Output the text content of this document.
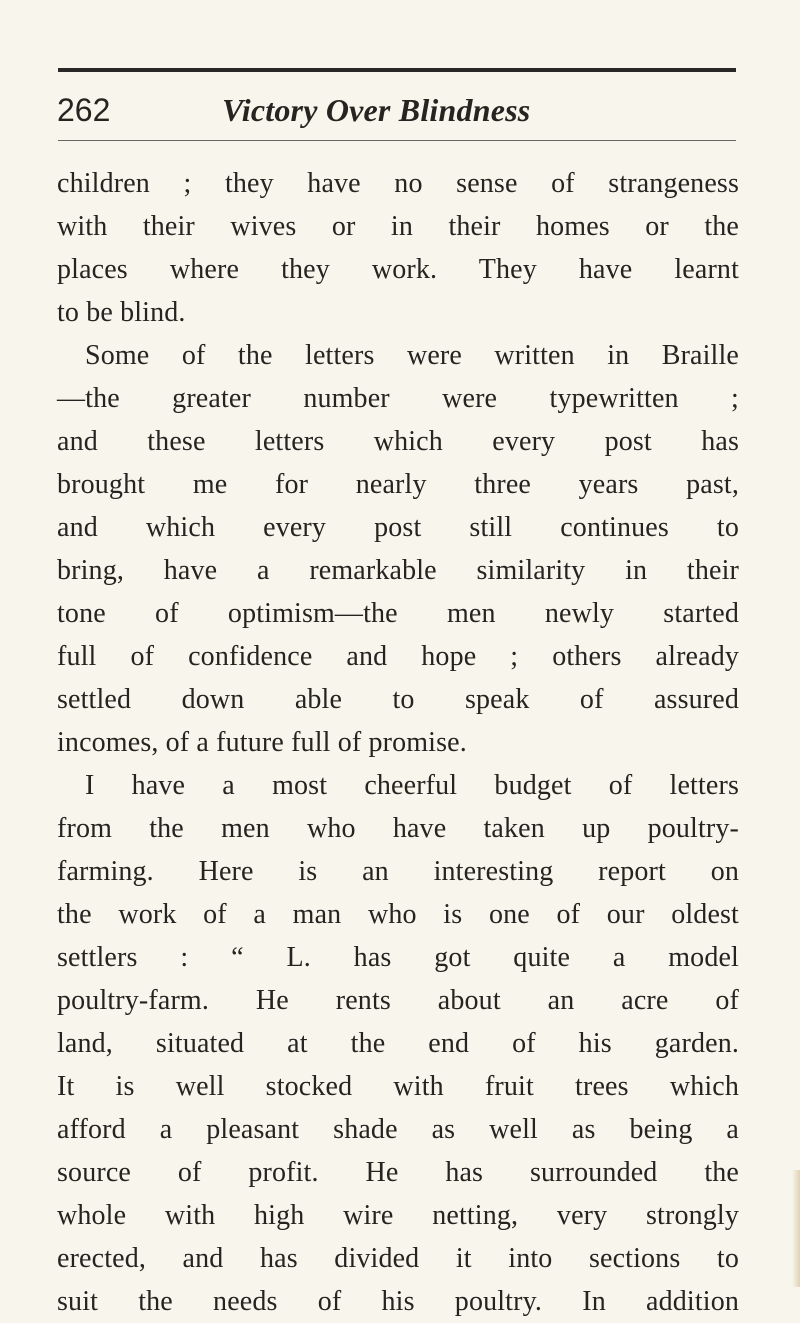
262	Victory Over Blindness
children ; they have no sense of strangeness
with their wives or in their homes or the
places where they work. They have learnt
to be blind.
Some of the letters were written in Braille
—the greater number were typewritten ;
and these letters which every post has
brought me for nearly three years past,
and which every post still continues to
bring, have a remarkable similarity in their
tone of optimism—the men newly started
full of confidence and hope ; others already
settled down able to speak of assured
incomes, of a future full of promise.
I have a most cheerful budget of letters
from the men who have taken up poultry-
farming. Here is an interesting report on
the work of a man who is one of our oldest
settlers : “ L. has got quite a model
poultry-farm. He rents about an acre of
land, situated at the end of his garden.
It is well stocked with fruit trees which
afford a pleasant shade as well as being a
source of profit. He has surrounded the
whole with high wire netting, very strongly
erected, and has divided it into sections to
suit the needs of his poultry. In addition
